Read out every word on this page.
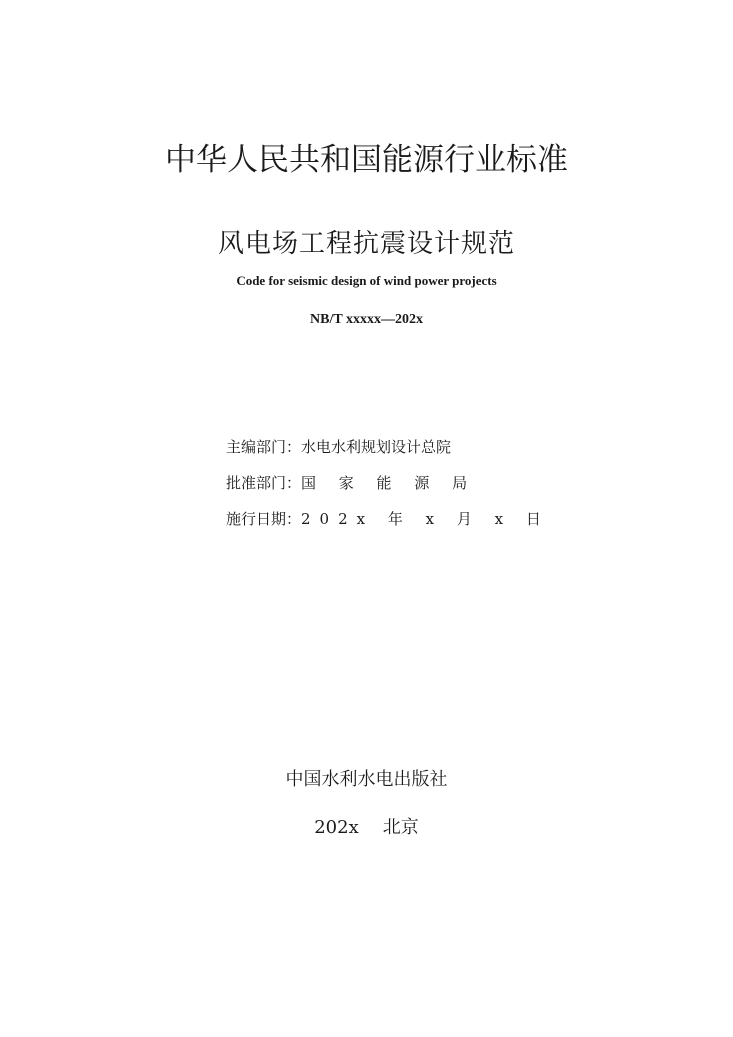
中华人民共和国能源行业标准
风电场工程抗震设计规范
Code for seismic design of wind power projects
NB/T xxxxx—202x
主编部门：水电水利规划设计总院
批准部门：国 家 能 源 局
施行日期：202x 年 x 月 x 日
中国水利水电出版社
202x 北京
